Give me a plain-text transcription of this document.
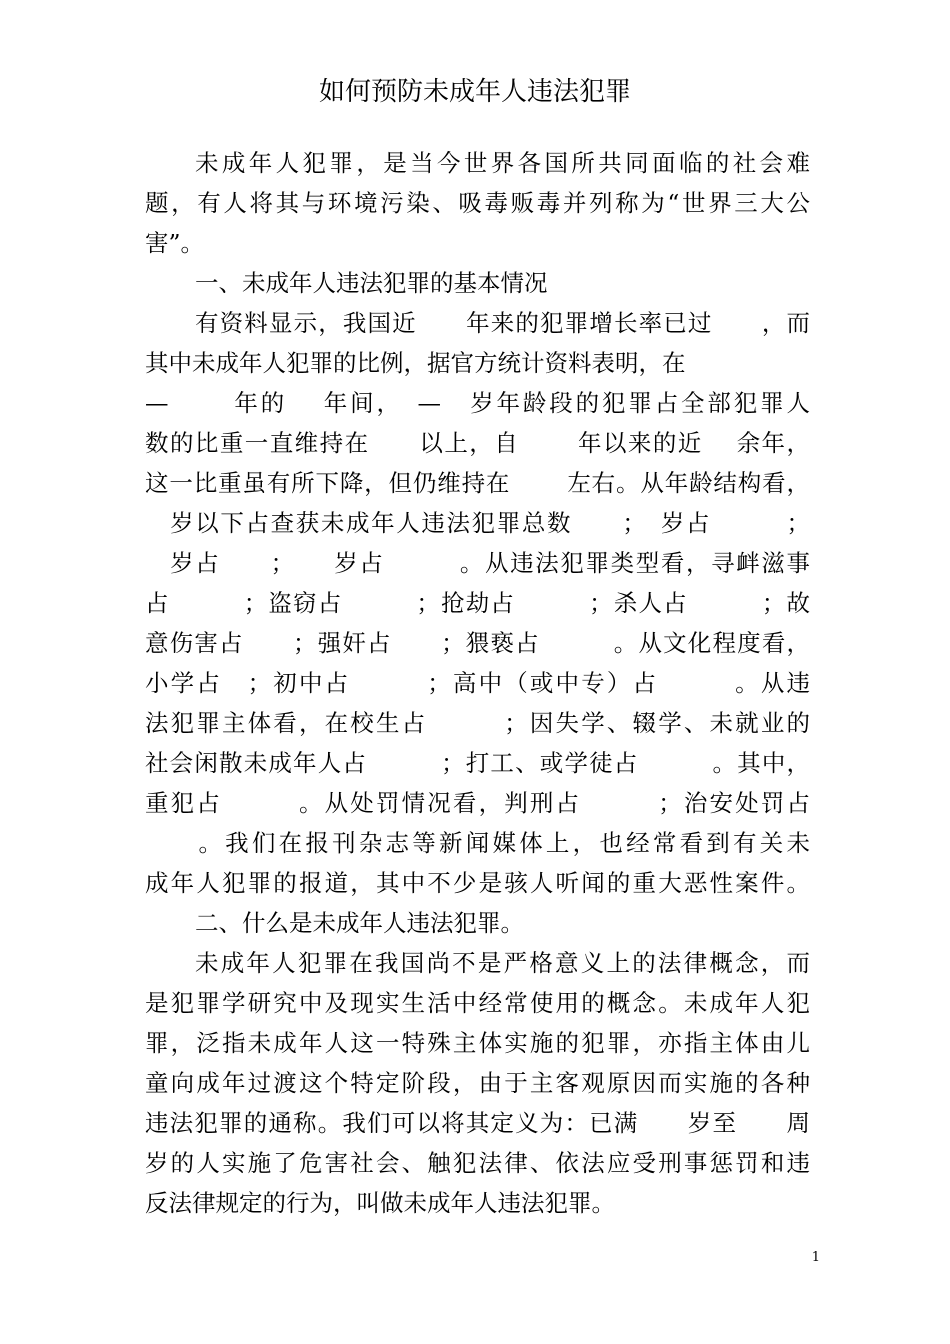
如何预防未成年人违法犯罪
未成年人犯罪，是当今世界各国所共同面临的社会难
题，有人将其与环境污染、吸毒贩毒并列称为“世界三大公
害”。
一、未成年人违法犯罪的基本情况
有资料显示，我国近　　年来的犯罪增长率已过　　，而
其中未成年人犯罪的比例，据官方统计资料表明，在
—　　 年的　 年间，　—　岁年龄段的犯罪占全部犯罪人
数的比重一直维持在　　以上，自　　 年以来的近　 余年，
这一比重虽有所下降，但仍维持在　　 左右。从年龄结构看，
　岁以下占查获未成年人违法犯罪总数　　；　岁占　　　；
　岁占　　；　　岁占　　　。从违法犯罪类型看，寻衅滋事
占　　　；盗窃占　　　；抢劫占　　　；杀人占　　　；故
意伤害占　　；强奸占　　；猥亵占　　　。从文化程度看，
小学占　；初中占　　　；高中（或中专）占　　　。从违
法犯罪主体看，在校生占　　　；因失学、辍学、未就业的
社会闲散未成年人占　　　；打工、或学徒占　　　。其中，
重犯占　　　。从处罚情况看，判刑占　　　；治安处罚占
　　。我们在报刊杂志等新闻媒体上，也经常看到有关未
成年人犯罪的报道，其中不少是骇人听闻的重大恶性案件。
二、什么是未成年人违法犯罪。
未成年人犯罪在我国尚不是严格意义上的法律概念，而
是犯罪学研究中及现实生活中经常使用的概念。未成年人犯
罪，泛指未成年人这一特殊主体实施的犯罪，亦指主体由儿
童向成年过渡这个特定阶段，由于主客观原因而实施的各种
违法犯罪的通称。我们可以将其定义为：已满　　岁至　　周
岁的人实施了危害社会、触犯法律、依法应受刑事惩罚和违
反法律规定的行为，叫做未成年人违法犯罪。
1
